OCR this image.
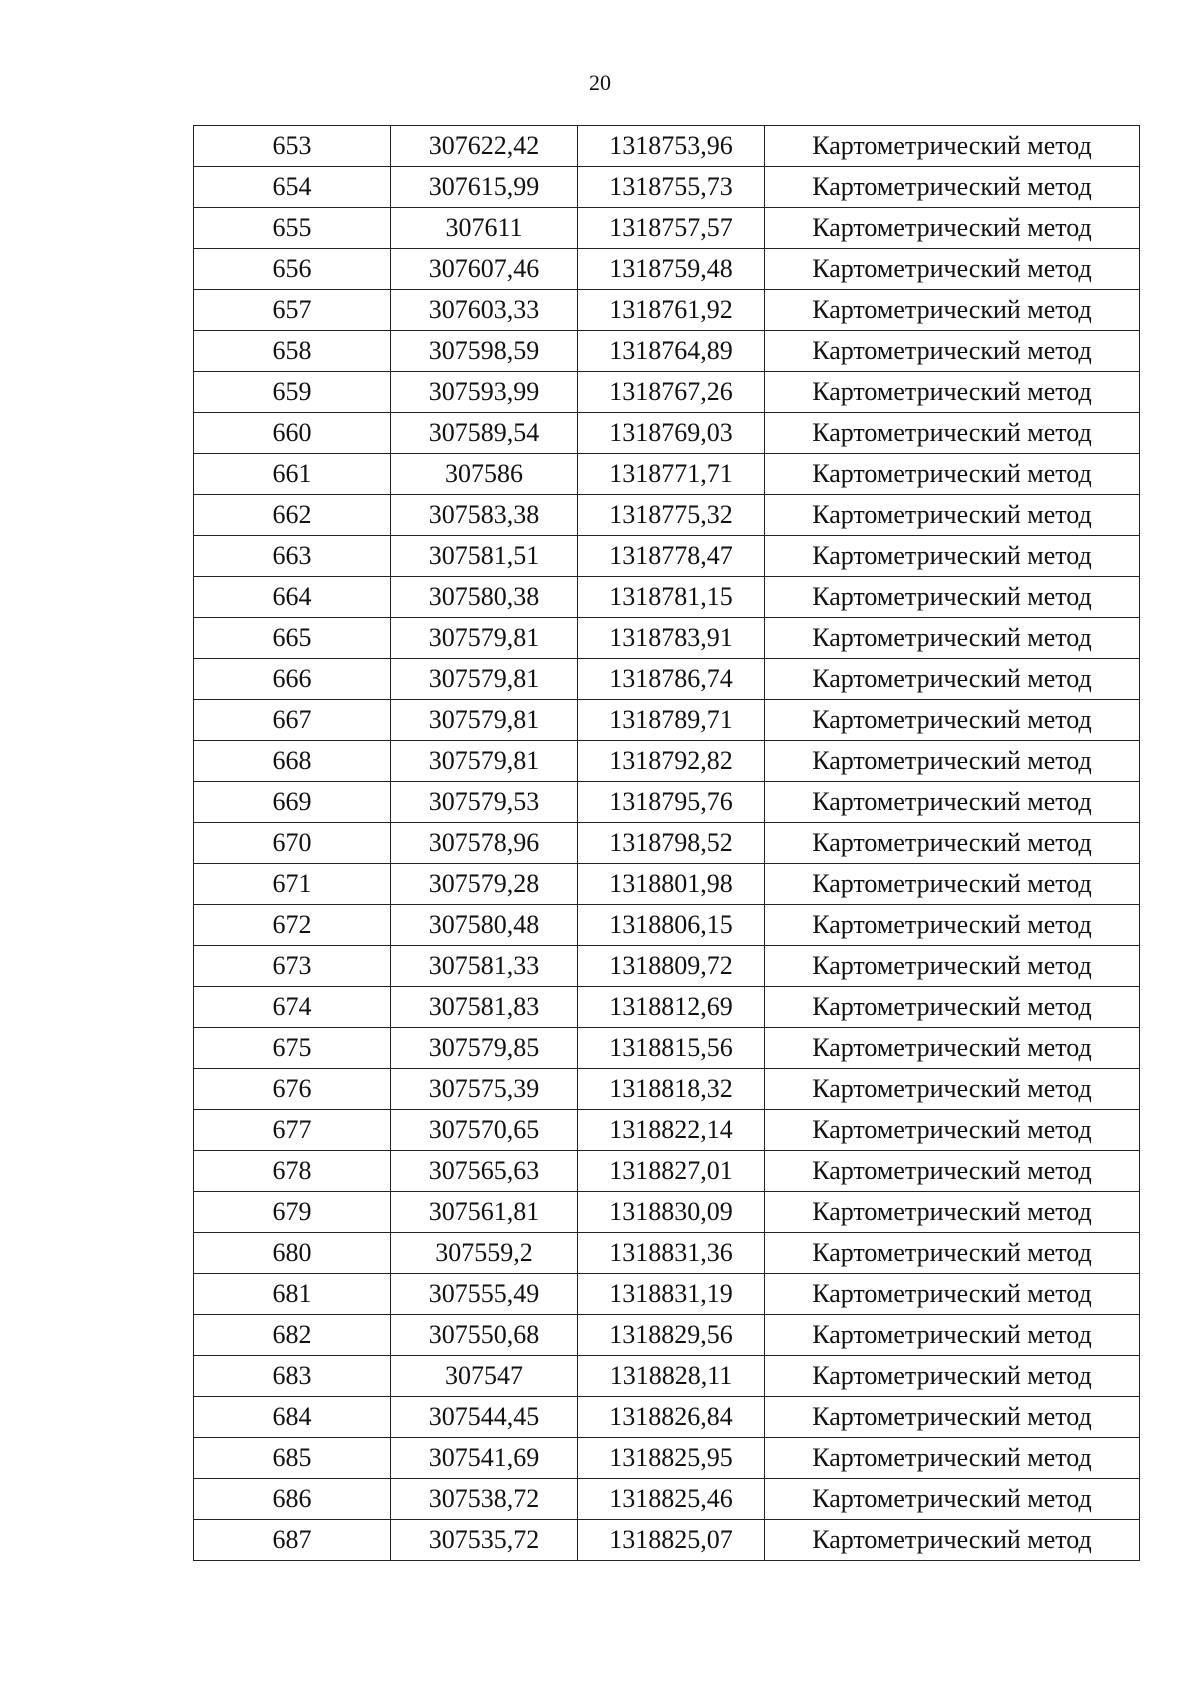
20
653	307622,42	1318753,96	Картометрический метод
654	307615,99	1318755,73	Картометрический метод
655	307611	1318757,57	Картометрический метод
656	307607,46	1318759,48	Картометрический метод
657	307603,33	1318761,92	Картометрический метод
658	307598,59	1318764,89	Картометрический метод
659	307593,99	1318767,26	Картометрический метод
660	307589,54	1318769,03	Картометрический метод
661	307586	1318771,71	Картометрический метод
662	307583,38	1318775,32	Картометрический метод
663	307581,51	1318778,47	Картометрический метод
664	307580,38	1318781,15	Картометрический метод
665	307579,81	1318783,91	Картометрический метод
666	307579,81	1318786,74	Картометрический метод
667	307579,81	1318789,71	Картометрический метод
668	307579,81	1318792,82	Картометрический метод
669	307579,53	1318795,76	Картометрический метод
670	307578,96	1318798,52	Картометрический метод
671	307579,28	1318801,98	Картометрический метод
672	307580,48	1318806,15	Картометрический метод
673	307581,33	1318809,72	Картометрический метод
674	307581,83	1318812,69	Картометрический метод
675	307579,85	1318815,56	Картометрический метод
676	307575,39	1318818,32	Картометрический метод
677	307570,65	1318822,14	Картометрический метод
678	307565,63	1318827,01	Картометрический метод
679	307561,81	1318830,09	Картометрический метод
680	307559,2	1318831,36	Картометрический метод
681	307555,49	1318831,19	Картометрический метод
682	307550,68	1318829,56	Картометрический метод
683	307547	1318828,11	Картометрический метод
684	307544,45	1318826,84	Картометрический метод
685	307541,69	1318825,95	Картометрический метод
686	307538,72	1318825,46	Картометрический метод
687	307535,72	1318825,07	Картометрический метод
